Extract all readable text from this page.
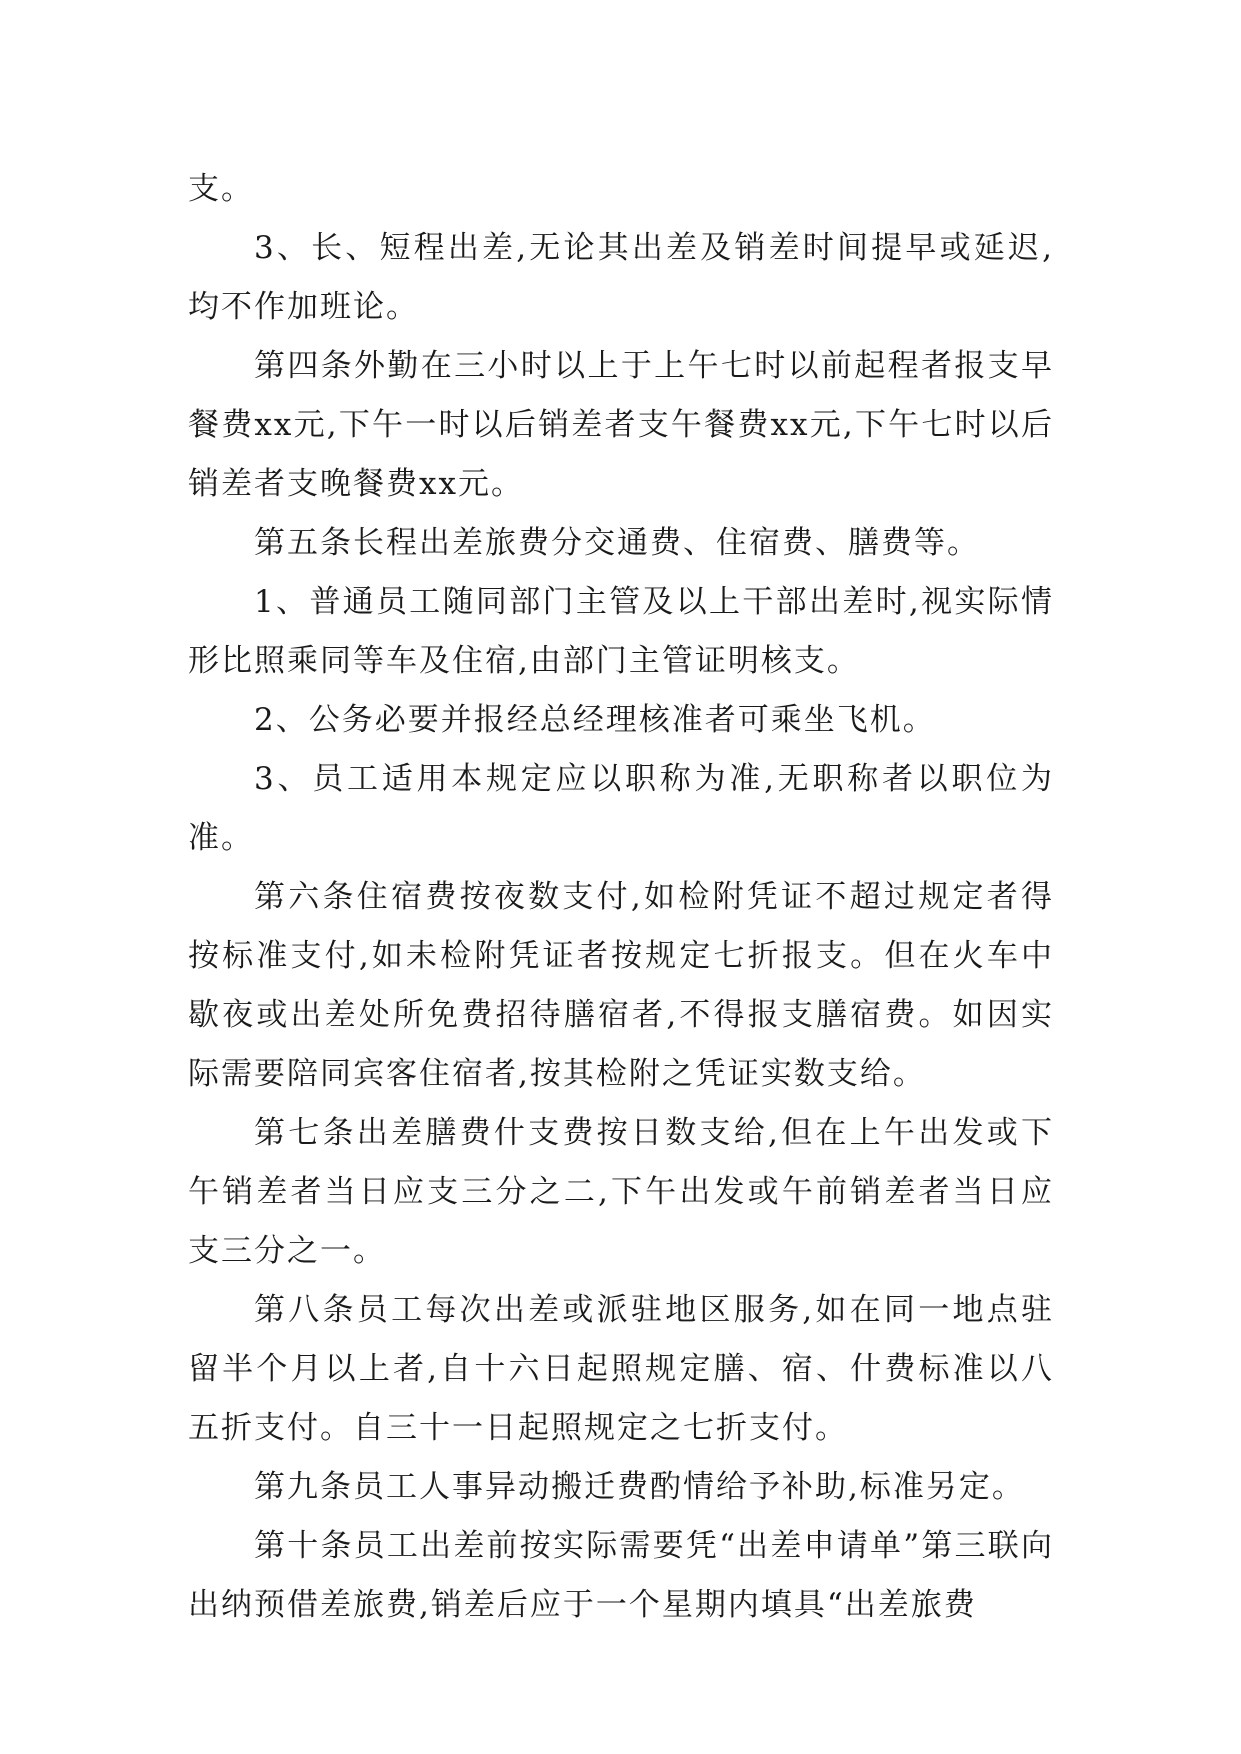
支。

3、长、短程出差,无论其出差及销差时间提早或延迟,均不作加班论。

第四条外勤在三小时以上于上午七时以前起程者报支早餐费xx元,下午一时以后销差者支午餐费xx元,下午七时以后销差者支晚餐费xx元。

第五条长程出差旅费分交通费、住宿费、膳费等。

1、普通员工随同部门主管及以上干部出差时,视实际情形比照乘同等车及住宿,由部门主管证明核支。

2、公务必要并报经总经理核准者可乘坐飞机。

3、员工适用本规定应以职称为准,无职称者以职位为准。

第六条住宿费按夜数支付,如检附凭证不超过规定者得按标准支付,如未检附凭证者按规定七折报支。但在火车中歇夜或出差处所免费招待膳宿者,不得报支膳宿费。如因实际需要陪同宾客住宿者,按其检附之凭证实数支给。

第七条出差膳费什支费按日数支给,但在上午出发或下午销差者当日应支三分之二,下午出发或午前销差者当日应支三分之一。

第八条员工每次出差或派驻地区服务,如在同一地点驻留半个月以上者,自十六日起照规定膳、宿、什费标准以八五折支付。自三十一日起照规定之七折支付。

第九条员工人事异动搬迁费酌情给予补助,标准另定。

第十条员工出差前按实际需要凭“出差申请单”第三联向出纳预借差旅费,销差后应于一个星期内填具“出差旅费
